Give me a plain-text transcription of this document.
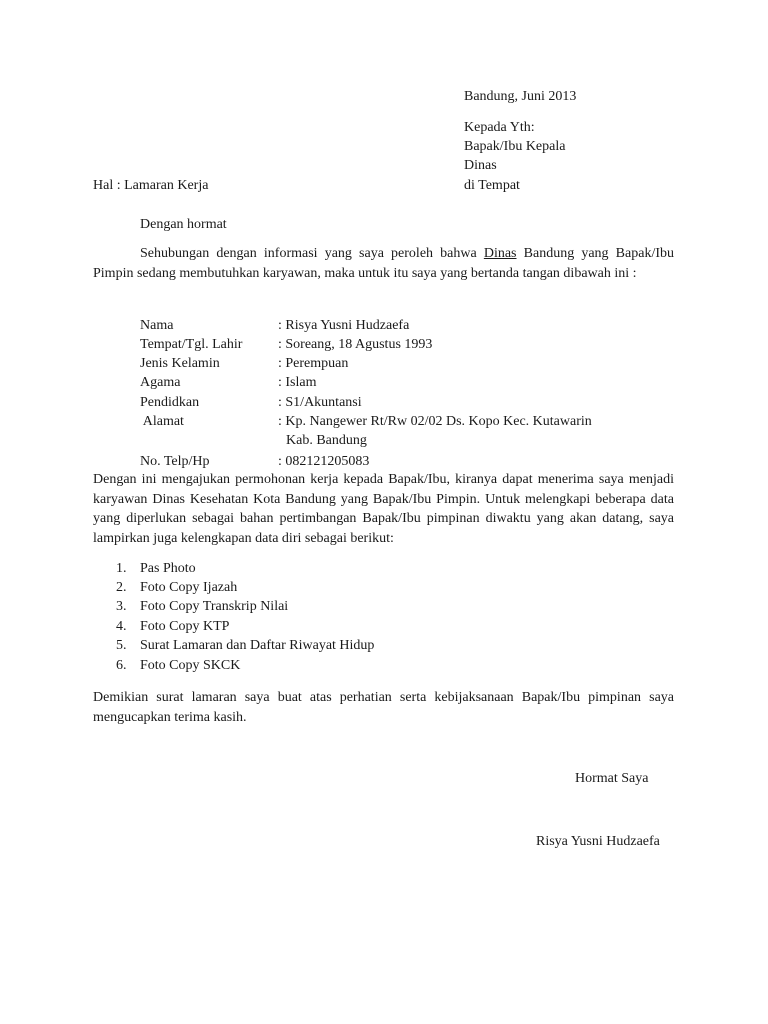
Bandung, Juni 2013
Kepada Yth:
Bapak/Ibu Kepala
Dinas
di Tempat
Hal : Lamaran Kerja
Dengan hormat
Sehubungan dengan informasi yang saya peroleh bahwa Dinas Bandung yang Bapak/Ibu Pimpin sedang membutuhkan karyawan, maka untuk itu saya yang bertanda tangan dibawah ini :
Nama	: Risya Yusni Hudzaefa
Tempat/Tgl. Lahir	: Soreang, 18 Agustus 1993
Jenis Kelamin	: Perempuan
Agama	: Islam
Pendidkan	: S1/Akuntansi
Alamat	: Kp. Nangewer Rt/Rw 02/02 Ds. Kopo Kec. Kutawarin
Kab. Bandung
No. Telp/Hp	: 082121205083
Dengan ini mengajukan permohonan kerja kepada Bapak/Ibu, kiranya dapat menerima saya menjadi karyawan Dinas Kesehatan Kota Bandung yang Bapak/Ibu Pimpin. Untuk melengkapi beberapa data yang diperlukan sebagai bahan pertimbangan Bapak/Ibu pimpinan diwaktu yang akan datang, saya lampirkan juga kelengkapan data diri sebagai berikut:
1. Pas Photo
2. Foto Copy Ijazah
3. Foto Copy Transkrip Nilai
4. Foto Copy KTP
5. Surat Lamaran dan Daftar Riwayat Hidup
6. Foto Copy SKCK
Demikian surat lamaran saya buat atas perhatian serta kebijaksanaan Bapak/Ibu pimpinan saya mengucapkan terima kasih.
Hormat Saya
Risya Yusni Hudzaefa
